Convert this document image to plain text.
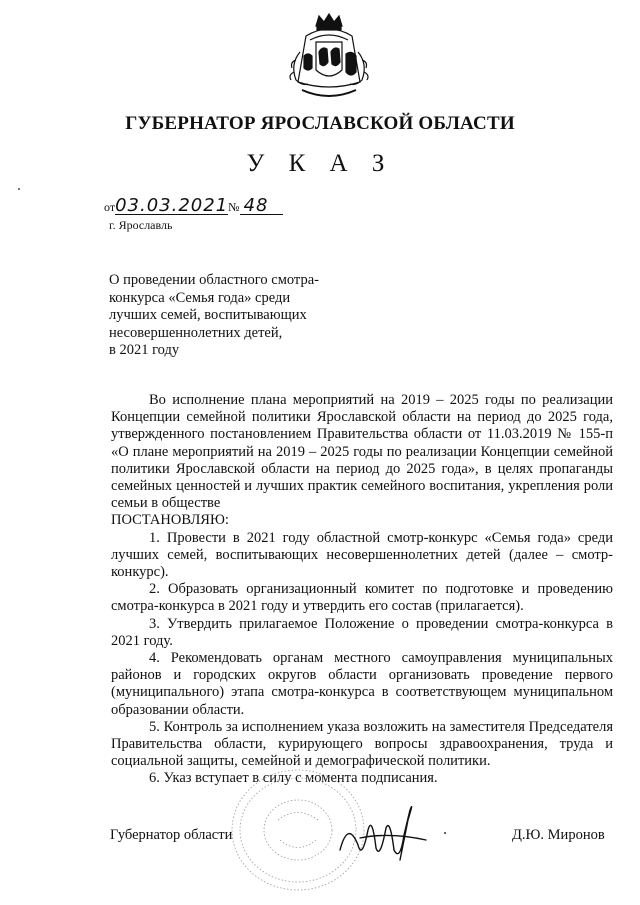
ГУБЕРНАТОР ЯРОСЛАВСКОЙ ОБЛАСТИ
У К А З
от03.03.2021№ 48
г. Ярославль
О проведении областного смотра-
конкурса «Семья года» среди
лучших семей, воспитывающих
несовершеннолетних детей,
в 2021 году

Во исполнение плана мероприятий на 2019 – 2025 годы по реализации Концепции семейной политики Ярославской области на период до 2025 года, утвержденного постановлением Правительства области от 11.03.2019 № 155-п «О плане мероприятий на 2019 – 2025 годы по реализации Концепции семейной политики Ярославской области на период до 2025 года», в целях пропаганды семейных ценностей и лучших практик семейного воспитания, укрепления роли семьи в обществе

ПОСТАНОВЛЯЮ:

1. Провести в 2021 году областной смотр-конкурс «Семья года» среди лучших семей, воспитывающих несовершеннолетних детей (далее – смотр-конкурс).

2. Образовать организационный комитет по подготовке и проведению смотра-конкурса в 2021 году и утвердить его состав (прилагается).

3. Утвердить прилагаемое Положение о проведении смотра-конкурса в 2021 году.

4. Рекомендовать органам местного самоуправления муниципальных районов и городских округов области организовать проведение первого (муниципального) этапа смотра-конкурса в соответствующем муниципальном образовании области.

5. Контроль за исполнением указа возложить на заместителя Председателя Правительства области, курирующего вопросы здравоохранения, труда и социальной защиты, семейной и демографической политики.

6. Указ вступает в силу с момента подписания.

Губернатор области	Д.Ю. Миронов
